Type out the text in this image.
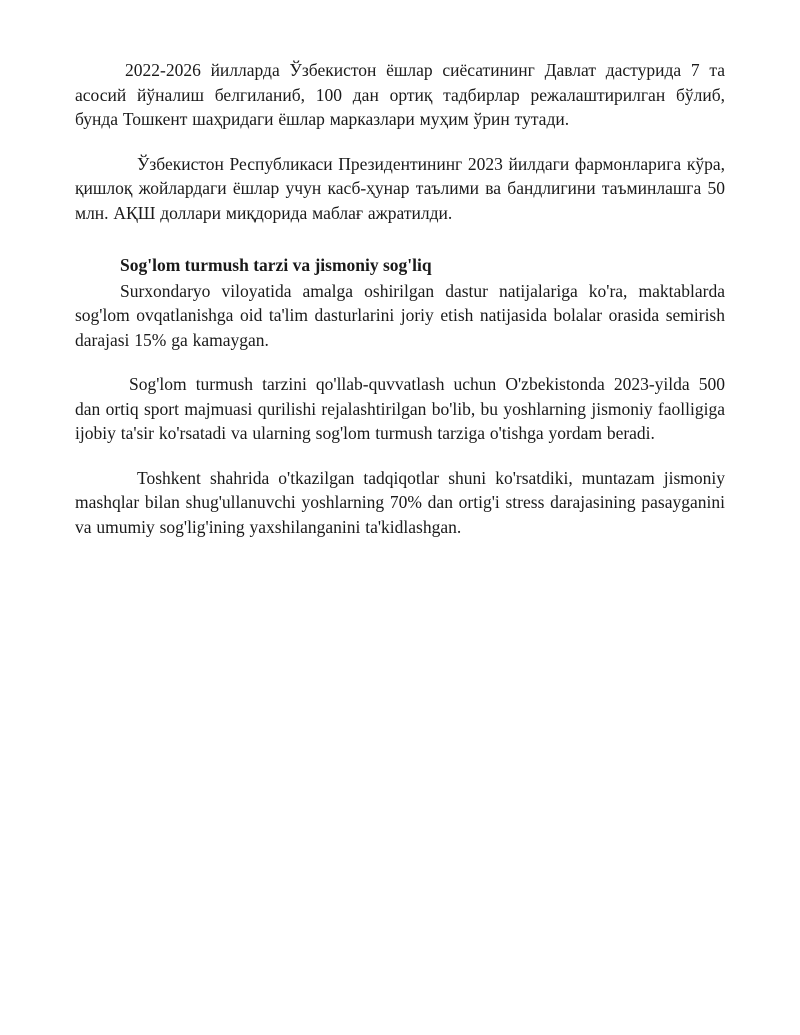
2022-2026 йилларда Ўзбекистон ёшлар сиёсатининг Давлат дастурида 7 та асосий йўналиш белгиланиб, 100 дан ортиқ тадбирлар режалаштирилган бўлиб, бунда Тошкент шаҳридаги ёшлар марказлари муҳим ўрин тутади.

Ўзбекистон Республикаси Президентининг 2023 йилдаги фармонларига кўра, қишлоқ жойлардаги ёшлар учун касб-ҳунар таълими ва бандлигини таъминлашга 50 млн. АҚШ доллари миқдорида маблағ ажратилди.

Sog'lom turmush tarzi va jismoniy sog'liq

Surxondaryo viloyatida amalga oshirilgan dastur natijalariga ko'ra, maktablarda sog'lom ovqatlanishga oid ta'lim dasturlarini joriy etish natijasida bolalar orasida semirish darajasi 15% ga kamaygan.

Sog'lom turmush tarzini qo'llab-quvvatlash uchun O'zbekistonda 2023-yilda 500 dan ortiq sport majmuasi qurilishi rejalashtirilgan bo'lib, bu yoshlarning jismoniy faolligiga ijobiy ta'sir ko'rsatadi va ularning sog'lom turmush tarziga o'tishga yordam beradi.

Toshkent shahrida o'tkazilgan tadqiqotlar shuni ko'rsatdiki, muntazam jismoniy mashqlar bilan shug'ullanuvchi yoshlarning 70% dan ortig'i stress darajasining pasayganini va umumiy sog'lig'ining yaxshilanganini ta'kidlashgan.
